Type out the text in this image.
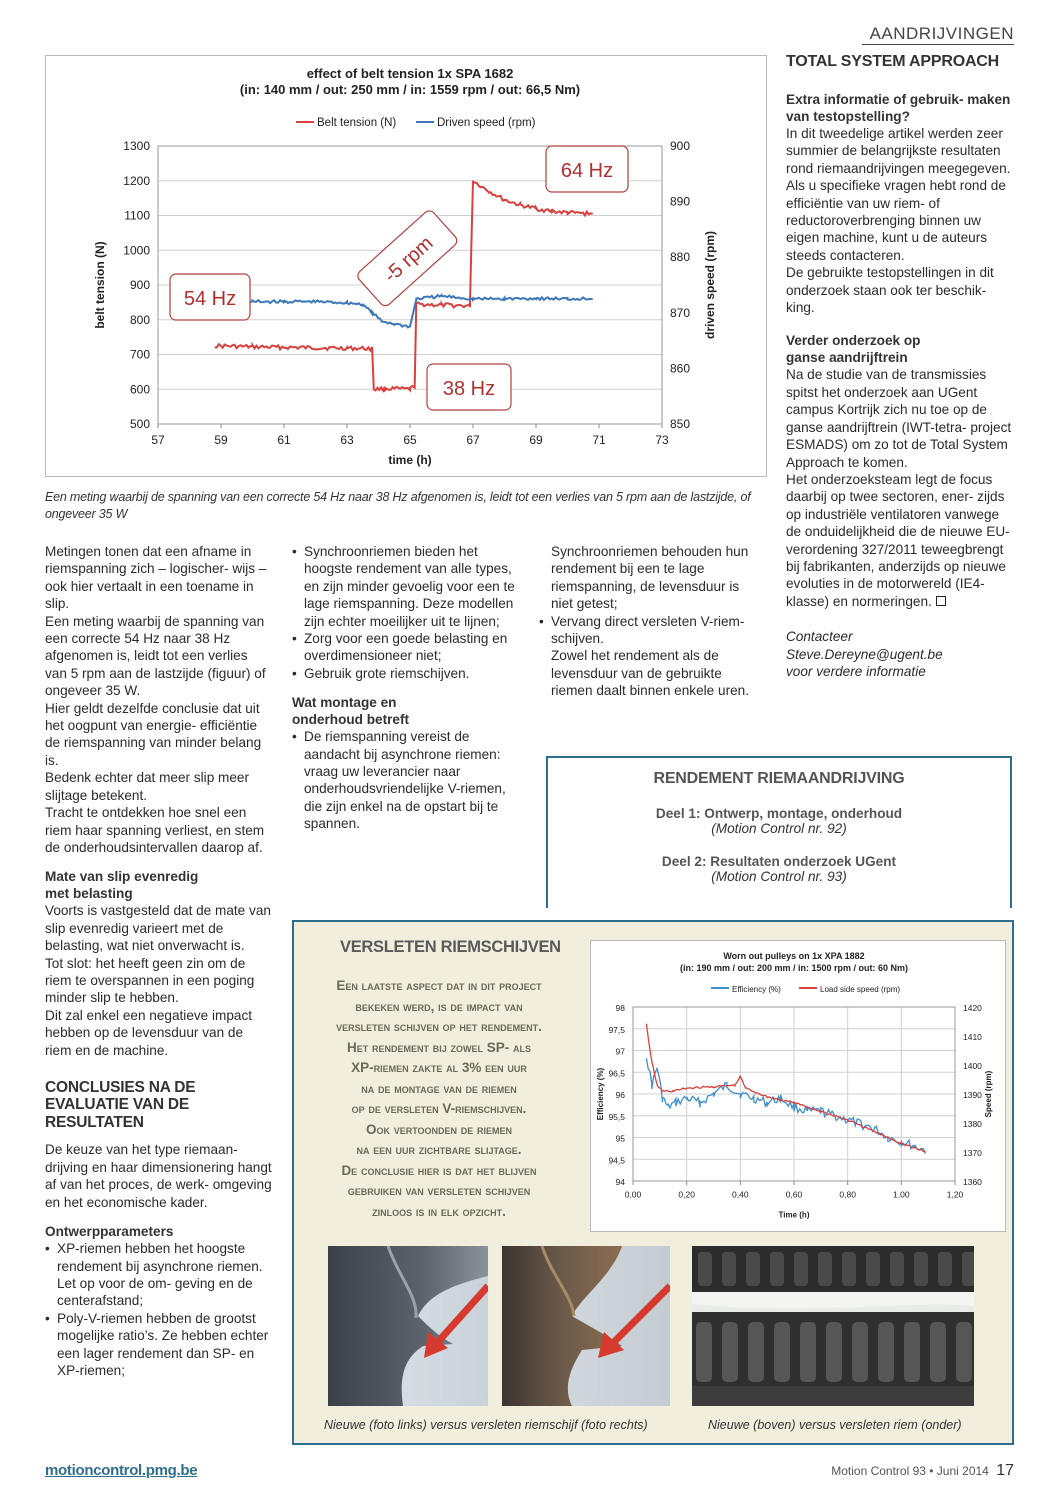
AANDRIJVINGEN
TOTAL SYSTEM APPROACH
effect of belt tension 1x SPA 1682
(in: 140 mm / out: 250 mm / in: 1559 rpm / out: 66,5 Nm)
Belt tension (N)	Driven speed (rpm)
1300
1200
1100
1000
900
800
700
600
500
900
890
880
870
860
850
57	59	61	63	65	67	69	71	73
time (h)
belt tension (N)	driven speed (rpm)
54 Hz
-5 rpm
64 Hz
38 Hz
Een meting waarbij de spanning van een correcte 54 Hz naar 38 Hz afgenomen is, leidt tot een verlies van 5 rpm aan de lastzijde, of ongeveer 35 W

Metingen tonen dat een afname in riemspanning zich – logischer- wijs – ook hier vertaalt in een toename in slip.

Een meting waarbij de spanning van een correcte 54 Hz naar 38 Hz afgenomen is, leidt tot een verlies van 5 rpm aan de lastzijde (figuur) of ongeveer 35 W.

Hier geldt dezelfde conclusie dat uit het oogpunt van energie- efficiëntie de riemspanning van minder belang is.

Bedenk echter dat meer slip meer slijtage betekent.

Tracht te ontdekken hoe snel een riem haar spanning verliest, en stem de onderhoudsintervallen daarop af.

Mate van slip evenredig met belasting

Voorts is vastgesteld dat de mate van slip evenredig varieert met de belasting, wat niet onverwacht is.

Tot slot: het heeft geen zin om de riem te overspannen in een poging minder slip te hebben.

Dit zal enkel een negatieve impact hebben op de levensduur van de riem en de machine.

CONCLUSIES NA DE EVALUATIE VAN DE RESULTATEN

De keuze van het type riemaan- drijving en haar dimensionering hangt af van het proces, de werk- omgeving en het economische kader.

Ontwerpparameters
• XP-riemen hebben het hoogste rendement bij asynchrone riemen. Let op voor de om- geving en de centerafstand;
• Poly-V-riemen hebben de grootst mogelijke ratio’s. Ze hebben echter een lager rendement dan SP- en XP-riemen;
• Synchroonriemen bieden het hoogste rendement van alle types, en zijn minder gevoelig voor een te lage riemspanning. Deze modellen zijn echter moeilijker uit te lijnen;
• Zorg voor een goede belasting en overdimensioneer niet;
• Gebruik grote riemschijven.
Wat montage en onderhoud betreft
• De riemspanning vereist de aandacht bij asynchrone riemen: vraag uw leverancier naar onderhoudsvriendelijke V-riemen, die zijn enkel na de opstart bij te spannen.

Synchroonriemen behouden hun rendement bij een te lage riemspanning, de levensduur is niet getest;

• Vervang direct versleten V-riem- schijven.

Zowel het rendement als de levensduur van de gebruikte riemen daalt binnen enkele uren.

Extra informatie of gebruik- maken van testopstelling?

In dit tweedelige artikel werden zeer summier de belangrijkste resultaten rond riemaandrijvingen meegegeven.

Als u specifieke vragen hebt rond de efficiëntie van uw riem- of reductoroverbrenging binnen uw eigen machine, kunt u de auteurs steeds contacteren.

De gebruikte testopstellingen in dit onderzoek staan ook ter beschik- king.

Verder onderzoek op ganse aandrijftrein

Na de studie van de transmissies spitst het onderzoek aan UGent campus Kortrijk zich nu toe op de ganse aandrijftrein (IWT-tetra- project ESMADS) om zo tot de Total System Approach te komen.

Het onderzoeksteam legt de focus daarbij op twee sectoren, ener- zijds op industriële ventilatoren vanwege de onduidelijkheid die de nieuwe EU-verordening 327/2011 teweegbrengt bij fabrikanten, anderzijds op nieuwe evoluties in de motorwereld (IE4-klasse) en normeringen.

Contacteer

Steve.Dereyne@ugent.be

voor verdere informatie

RENDEMENT RIEMAANDRIJVING
Deel 1: Ontwerp, montage, onderhoud
(Motion Control nr. 92)
Deel 2: Resultaten onderzoek UGent
(Motion Control nr. 93)
VERSLETEN RIEMSCHIJVEN
Een laatste aspect dat in dit project
bekeken werd, is de impact van
versleten schijven op het rendement.
Het rendement bij zowel SP- als
XP-riemen zakte al 3% een uur
na de montage van de riemen
op de versleten V-riemschijven.
Ook vertoonden de riemen
na een uur zichtbare slijtage.
De conclusie hier is dat het blijven
gebruiken van versleten schijven
zinloos is in elk opzicht.
Worn out pulleys on 1x XPA 1882
(in: 190 mm / out: 200 mm / in: 1500 rpm / out: 60 Nm)
Efficiency (%)	Load side speed (rpm)
98
97,5
97
96,5
96
95,5
95
94,5
94
1420
1410
1400
1390
1380
1370
1360
0,00	0,20	0,40	0,60	0,80	1,00	1,20
Time (h)
Efficiency (%)	Speed (rpm)
Nieuwe (foto links) versus versleten riemschijf (foto rechts)	Nieuwe (boven) versus versleten riem (onder)
motioncontrol.pmg.be	Motion Control 93 • Juni 2014 17
